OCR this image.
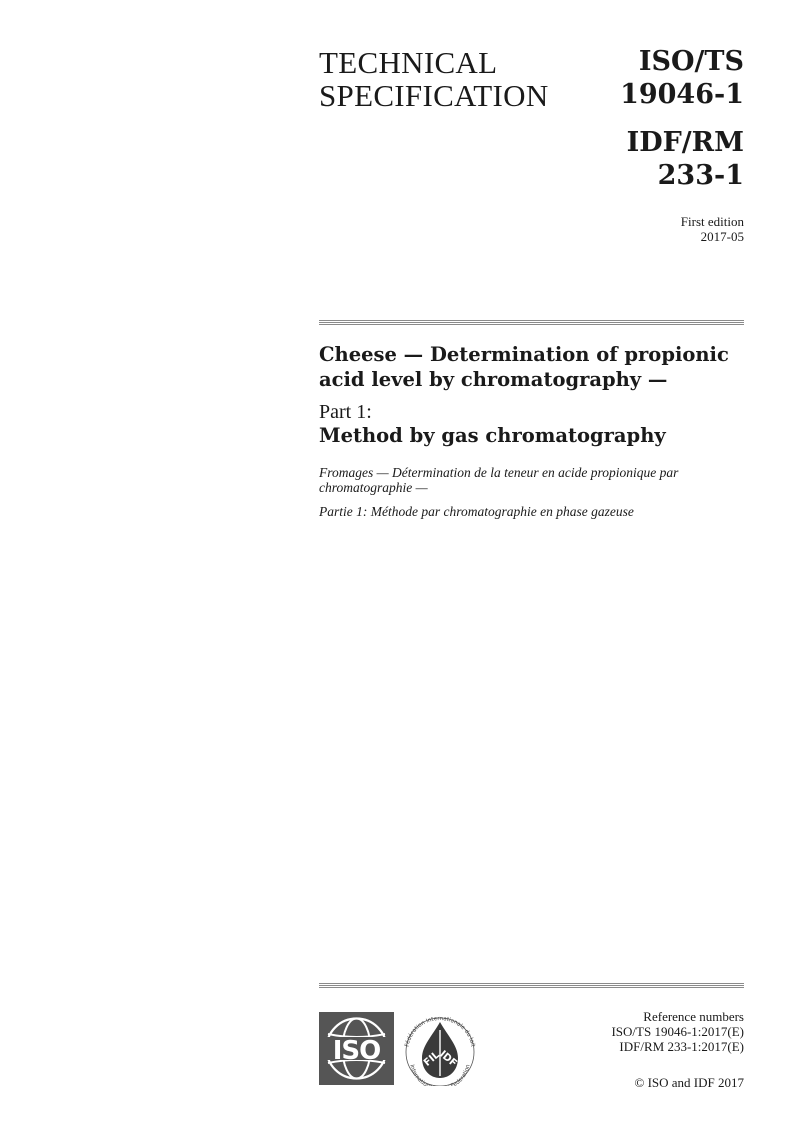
TECHNICAL
SPECIFICATION
ISO/TS
19046-1
IDF/RM
233-1
First edition
2017-05
Cheese — Determination of propionic
acid level by chromatography —
Part 1:
Method by gas chromatography
Fromages — Détermination de la teneur en acide propionique par
chromatographie —
Partie 1: Méthode par chromatographie en phase gazeuse
ISO	Fédération Internationale du lait
Internatio ederation
FIL
IDF
Reference numbers
ISO/TS 19046-1:2017(E)
IDF/RM 233-1:2017(E)
© ISO and IDF 2017
